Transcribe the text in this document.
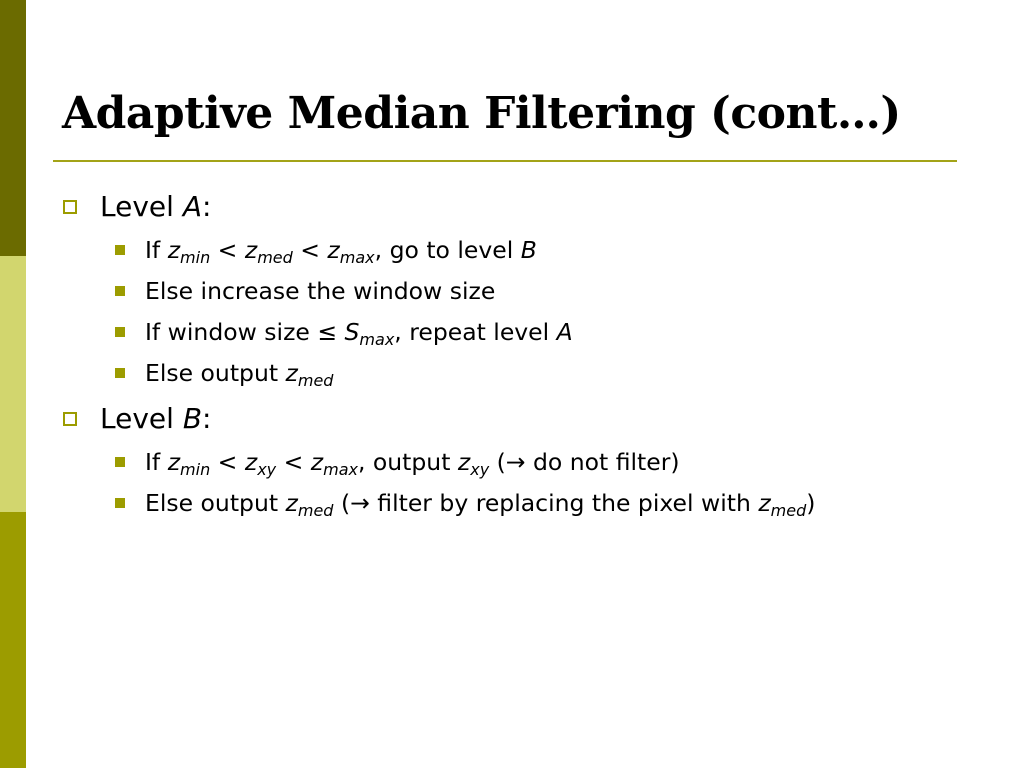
Adaptive Median Filtering (cont…)
Level A:
If $z_{min} < z_{med} < z_{max}$, go to level B
Else increase the window size
If window size ≤ $S_{max}$, repeat level A
Else output $z_{med}$
Level B:
If $z_{min} < z_{xy} < z_{max}$, output $z_{xy}$ (→ do not filter)
Else output $z_{med}$ (→ filter by replacing the pixel with $z_{med}$)
